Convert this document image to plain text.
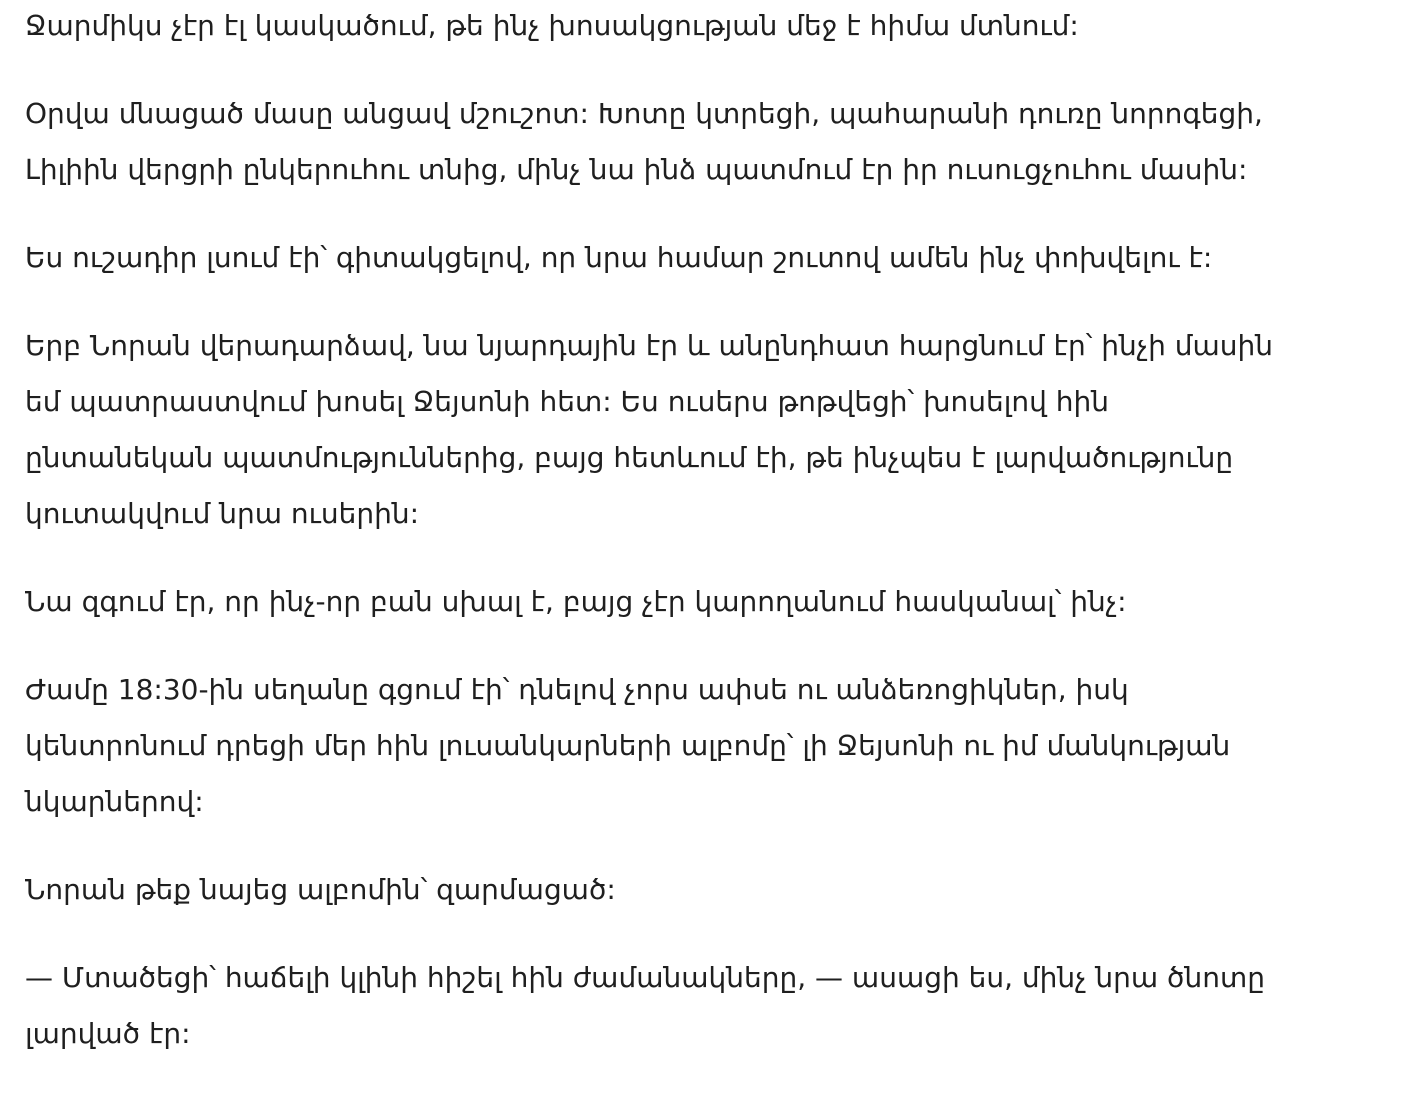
Ջարմիկս չէր էլ կասկածում, թե ինչ խոսակցության մեջ է հիմա մտնում:

Օրվա մնացած մասը անցավ մշուշոտ: Խոտը կտրեցի, պահարանի դուռը նորոգեցի,
Լիլիին վերցրի ընկերուհու տնից, մինչ նա ինձ պատմում էր իր ուսուցչուհու մասին:

Ես ուշադիր լսում էի՝ գիտակցելով, որ նրա համար շուտով ամեն ինչ փոխվելու է:

Երբ Նորան վերադարձավ, նա նյարդային էր և անընդհատ հարցնում էր՝ ինչի մասին
եմ պատրաստվում խոսել Ջեյսոնի հետ: Ես ուսերս թոթվեցի՝ խոսելով հին
ընտանեկան պատմություններից, բայց հետևում էի, թե ինչպես է լարվածությունը
կուտակվում նրա ուսերին:

Նա զգում էր, որ ինչ-որ բան սխալ է, բայց չէր կարողանում հասկանալ՝ ինչ:

Ժամը 18:30-ին սեղանը գցում էի՝ դնելով չորս ափսե ու անձեռոցիկներ, իսկ
կենտրոնում դրեցի մեր հին լուսանկարների ալբոմը՝ լի Ջեյսոնի ու իմ մանկության
նկարներով:

Նորան թեք նայեց ալբոմին՝ զարմացած:

— Մտածեցի՝ հաճելի կլինի հիշել հին ժամանակները, — ասացի ես, մինչ նրա ծնոտը
լարված էր:
